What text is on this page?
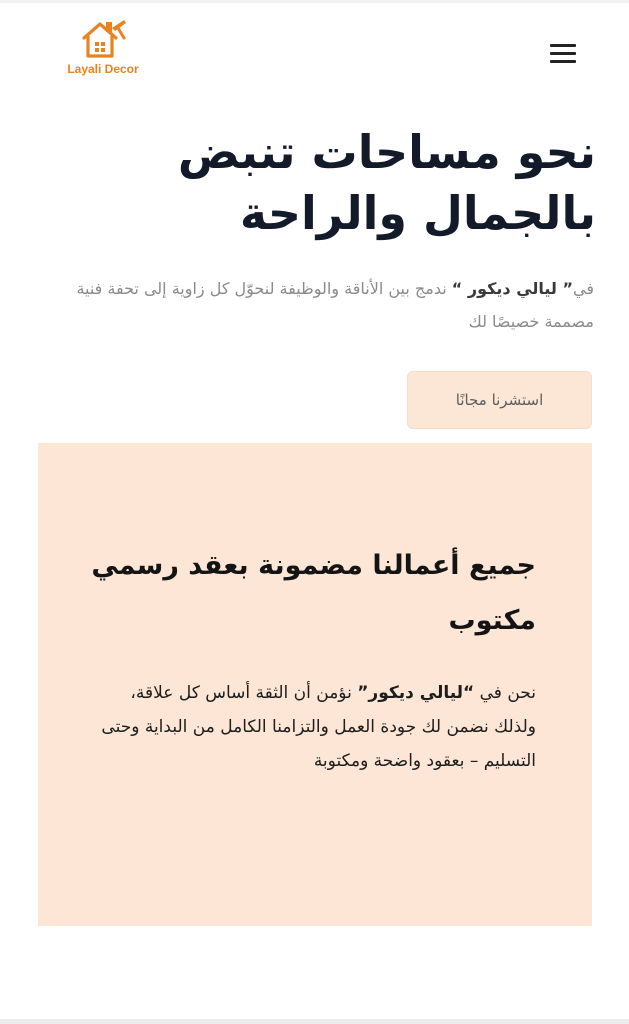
Layali Decor
نحو مساحات تنبض بالجمال والراحة

في” ليالي ديكور “ ندمج بين الأناقة والوظيفة لنحوّل كل زاوية إلى تحفة فنية مصممة خصيصًا لك

استشرنا مجانًا
جميع أعمالنا مضمونة بعقد رسمي مكتوب

نحن في “ليالي ديكور” نؤمن أن الثقة أساس كل علاقة، ولذلك نضمن لك جودة العمل والتزامنا الكامل من البداية وحتى التسليم – بعقود واضحة ومكتوبة
